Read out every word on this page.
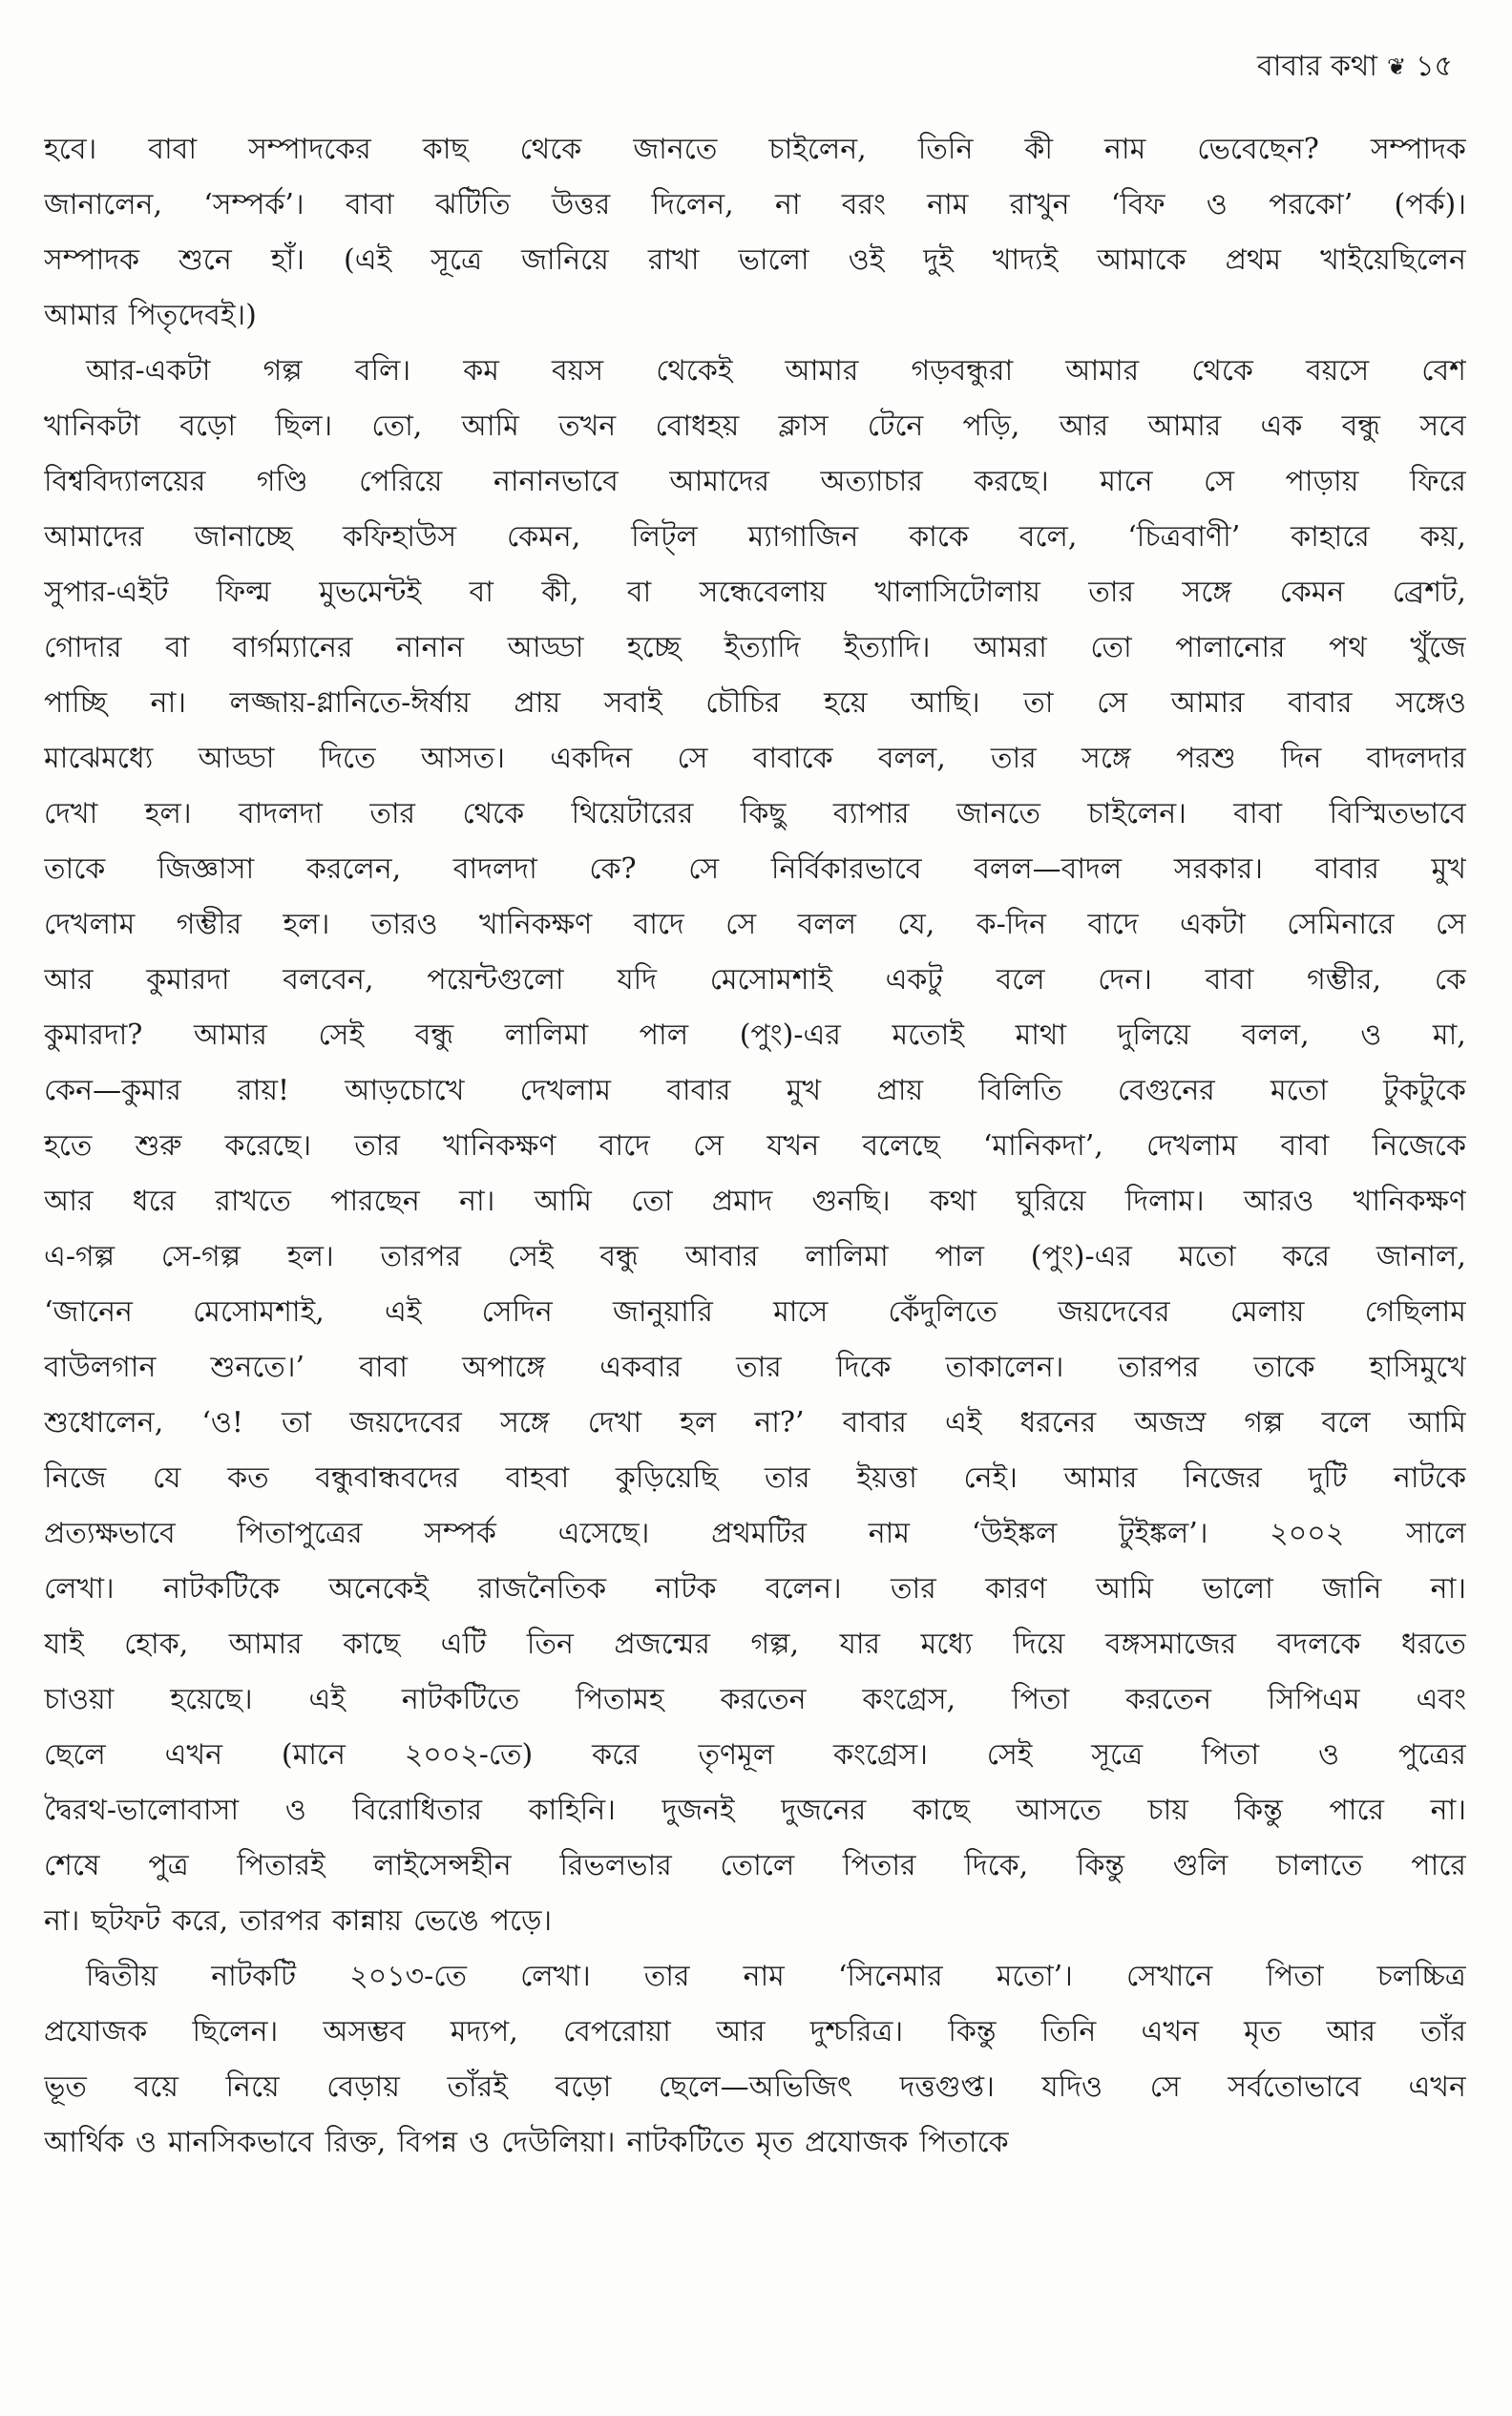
বাবার কথা ❦ ১৫
হবে। বাবা সম্পাদকের কাছ থেকে জানতে চাইলেন, তিনি কী নাম ভেবেছেন? সম্পাদক
জানালেন, ‘সম্পর্ক’। বাবা ঝটিতি উত্তর দিলেন, না বরং নাম রাখুন ‘বিফ ও পরকো’ (পর্ক)।
সম্পাদক শুনে হাঁ। (এই সূত্রে জানিয়ে রাখা ভালো ওই দুই খাদ্যই আমাকে প্রথম খাইয়েছিলেন
আমার পিতৃদেবই।)
আর-একটা গল্প বলি। কম বয়স থেকেই আমার গড়বন্ধুরা আমার থেকে বয়সে বেশ
খানিকটা বড়ো ছিল। তো, আমি তখন বোধহয় ক্লাস টেনে পড়ি, আর আমার এক বন্ধু সবে
বিশ্ববিদ্যালয়ের গণ্ডি পেরিয়ে নানানভাবে আমাদের অত্যাচার করছে। মানে সে পাড়ায় ফিরে
আমাদের জানাচ্ছে কফিহাউস কেমন, লিট্‌ল ম্যাগাজিন কাকে বলে, ‘চিত্রবাণী’ কাহারে কয়,
সুপার-এইট ফিল্ম মুভমেন্টই বা কী, বা সন্ধেবেলায় খালাসিটোলায় তার সঙ্গে কেমন ব্রেশট,
গোদার বা বার্গম্যানের নানান আড্ডা হচ্ছে ইত্যাদি ইত্যাদি। আমরা তো পালানোর পথ খুঁজে
পাচ্ছি না। লজ্জায়-গ্লানিতে-ঈর্ষায় প্রায় সবাই চৌচির হয়ে আছি। তা সে আমার বাবার সঙ্গেও
মাঝেমধ্যে আড্ডা দিতে আসত। একদিন সে বাবাকে বলল, তার সঙ্গে পরশু দিন বাদলদার
দেখা হল। বাদলদা তার থেকে থিয়েটারের কিছু ব্যাপার জানতে চাইলেন। বাবা বিস্মিতভাবে
তাকে জিজ্ঞাসা করলেন, বাদলদা কে? সে নির্বিকারভাবে বলল—বাদল সরকার। বাবার মুখ
দেখলাম গম্ভীর হল। তারও খানিকক্ষণ বাদে সে বলল যে, ক-দিন বাদে একটা সেমিনারে সে
আর কুমারদা বলবেন, পয়েন্টগুলো যদি মেসোমশাই একটু বলে দেন। বাবা গম্ভীর, কে
কুমারদা? আমার সেই বন্ধু লালিমা পাল (পুং)-এর মতোই মাথা দুলিয়ে বলল, ও মা,
কেন—কুমার রায়! আড়চোখে দেখলাম বাবার মুখ প্রায় বিলিতি বেগুনের মতো টুকটুকে
হতে শুরু করেছে। তার খানিকক্ষণ বাদে সে যখন বলেছে ‘মানিকদা’, দেখলাম বাবা নিজেকে
আর ধরে রাখতে পারছেন না। আমি তো প্রমাদ গুনছি। কথা ঘুরিয়ে দিলাম। আরও খানিকক্ষণ
এ-গল্প সে-গল্প হল। তারপর সেই বন্ধু আবার লালিমা পাল (পুং)-এর মতো করে জানাল,
‘জানেন মেসোমশাই, এই সেদিন জানুয়ারি মাসে কেঁদুলিতে জয়দেবের মেলায় গেছিলাম
বাউলগান শুনতে।’ বাবা অপাঙ্গে একবার তার দিকে তাকালেন। তারপর তাকে হাসিমুখে
শুধোলেন, ‘ও! তা জয়দেবের সঙ্গে দেখা হল না?’ বাবার এই ধরনের অজস্র গল্প বলে আমি
নিজে যে কত বন্ধুবান্ধবদের বাহবা কুড়িয়েছি তার ইয়ত্তা নেই। আমার নিজের দুটি নাটকে
প্রত্যক্ষভাবে পিতাপুত্রের সম্পর্ক এসেছে। প্রথমটির নাম ‘উইঙ্কল টুইঙ্কল’। ২০০২ সালে
লেখা। নাটকটিকে অনেকেই রাজনৈতিক নাটক বলেন। তার কারণ আমি ভালো জানি না।
যাই হোক, আমার কাছে এটি তিন প্রজন্মের গল্প, যার মধ্যে দিয়ে বঙ্গসমাজের বদলকে ধরতে
চাওয়া হয়েছে। এই নাটকটিতে পিতামহ করতেন কংগ্রেস, পিতা করতেন সিপিএম এবং
ছেলে এখন (মানে ২০০২-তে) করে তৃণমূল কংগ্রেস। সেই সূত্রে পিতা ও পুত্রের
দ্বৈরথ-ভালোবাসা ও বিরোধিতার কাহিনি। দুজনই দুজনের কাছে আসতে চায় কিন্তু পারে না।
শেষে পুত্র পিতারই লাইসেন্সহীন রিভলভার তোলে পিতার দিকে, কিন্তু গুলি চালাতে পারে
না। ছটফট করে, তারপর কান্নায় ভেঙে পড়ে।
দ্বিতীয় নাটকটি ২০১৩-তে লেখা। তার নাম ‘সিনেমার মতো’। সেখানে পিতা চলচ্চিত্র
প্রযোজক ছিলেন। অসম্ভব মদ্যপ, বেপরোয়া আর দুশ্চরিত্র। কিন্তু তিনি এখন মৃত আর তাঁর
ভূত বয়ে নিয়ে বেড়ায় তাঁরই বড়ো ছেলে—অভিজিৎ দত্তগুপ্ত। যদিও সে সর্বতোভাবে এখন
আর্থিক ও মানসিকভাবে রিক্ত, বিপন্ন ও দেউলিয়া। নাটকটিতে মৃত প্রযোজক পিতাকে
